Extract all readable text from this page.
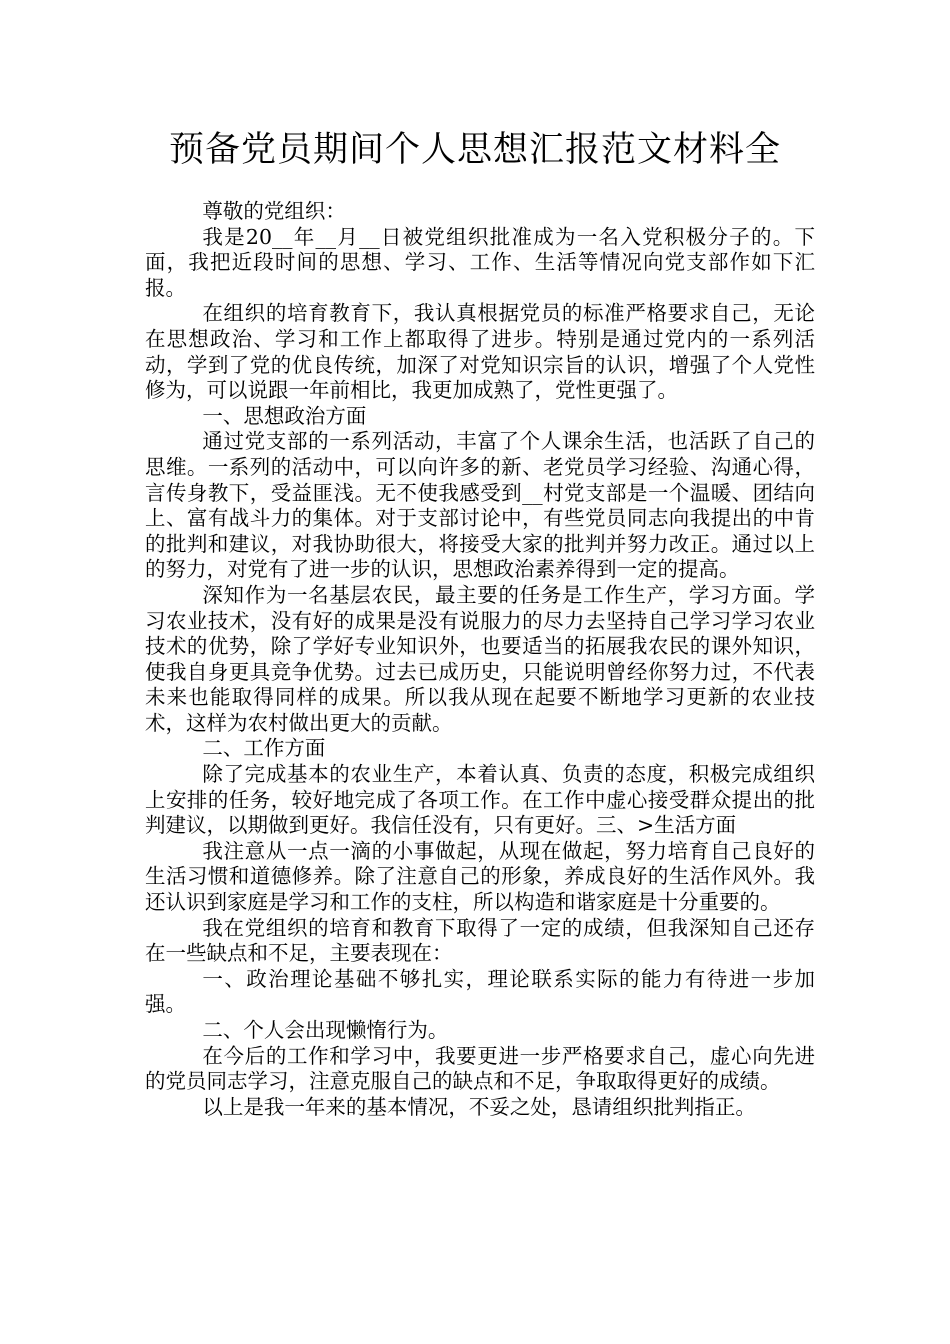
预备党员期间个人思想汇报范文材料全

尊敬的党组织：

我是20__年__月__日被党组织批准成为一名入党积极分子的。下面，我把近段时间的思想、学习、工作、生活等情况向党支部作如下汇报。

在组织的培育教育下，我认真根据党员的标准严格要求自己，无论在思想政治、学习和工作上都取得了进步。特别是通过党内的一系列活动，学到了党的优良传统，加深了对党知识宗旨的认识，增强了个人党性修为，可以说跟一年前相比，我更加成熟了，党性更强了。

一、思想政治方面

通过党支部的一系列活动，丰富了个人课余生活，也活跃了自己的思维。一系列的活动中，可以向许多的新、老党员学习经验、沟通心得，言传身教下，受益匪浅。无不使我感受到__村党支部是一个温暖、团结向上、富有战斗力的集体。对于支部讨论中，有些党员同志向我提出的中肯的批判和建议，对我协助很大，将接受大家的批判并努力改正。通过以上的努力，对党有了进一步的认识，思想政治素养得到一定的提高。

深知作为一名基层农民，最主要的任务是工作生产，学习方面。学习农业技术，没有好的成果是没有说服力的尽力去坚持自己学习学习农业技术的优势，除了学好专业知识外，也要适当的拓展我农民的课外知识，使我自身更具竞争优势。过去已成历史，只能说明曾经你努力过，不代表未来也能取得同样的成果。所以我从现在起要不断地学习更新的农业技术，这样为农村做出更大的贡献。

二、工作方面

除了完成基本的农业生产，本着认真、负责的态度，积极完成组织上安排的任务，较好地完成了各项工作。在工作中虚心接受群众提出的批判建议，以期做到更好。我信任没有，只有更好。三、>生活方面

我注意从一点一滴的小事做起，从现在做起，努力培育自己良好的生活习惯和道德修养。除了注意自己的形象，养成良好的生活作风外。我还认识到家庭是学习和工作的支柱，所以构造和谐家庭是十分重要的。

我在党组织的培育和教育下取得了一定的成绩，但我深知自己还存在一些缺点和不足，主要表现在：

一、政治理论基础不够扎实，理论联系实际的能力有待进一步加强。

二、个人会出现懒惰行为。

在今后的工作和学习中，我要更进一步严格要求自己，虚心向先进的党员同志学习，注意克服自己的缺点和不足，争取取得更好的成绩。

以上是我一年来的基本情况，不妥之处，恳请组织批判指正。
